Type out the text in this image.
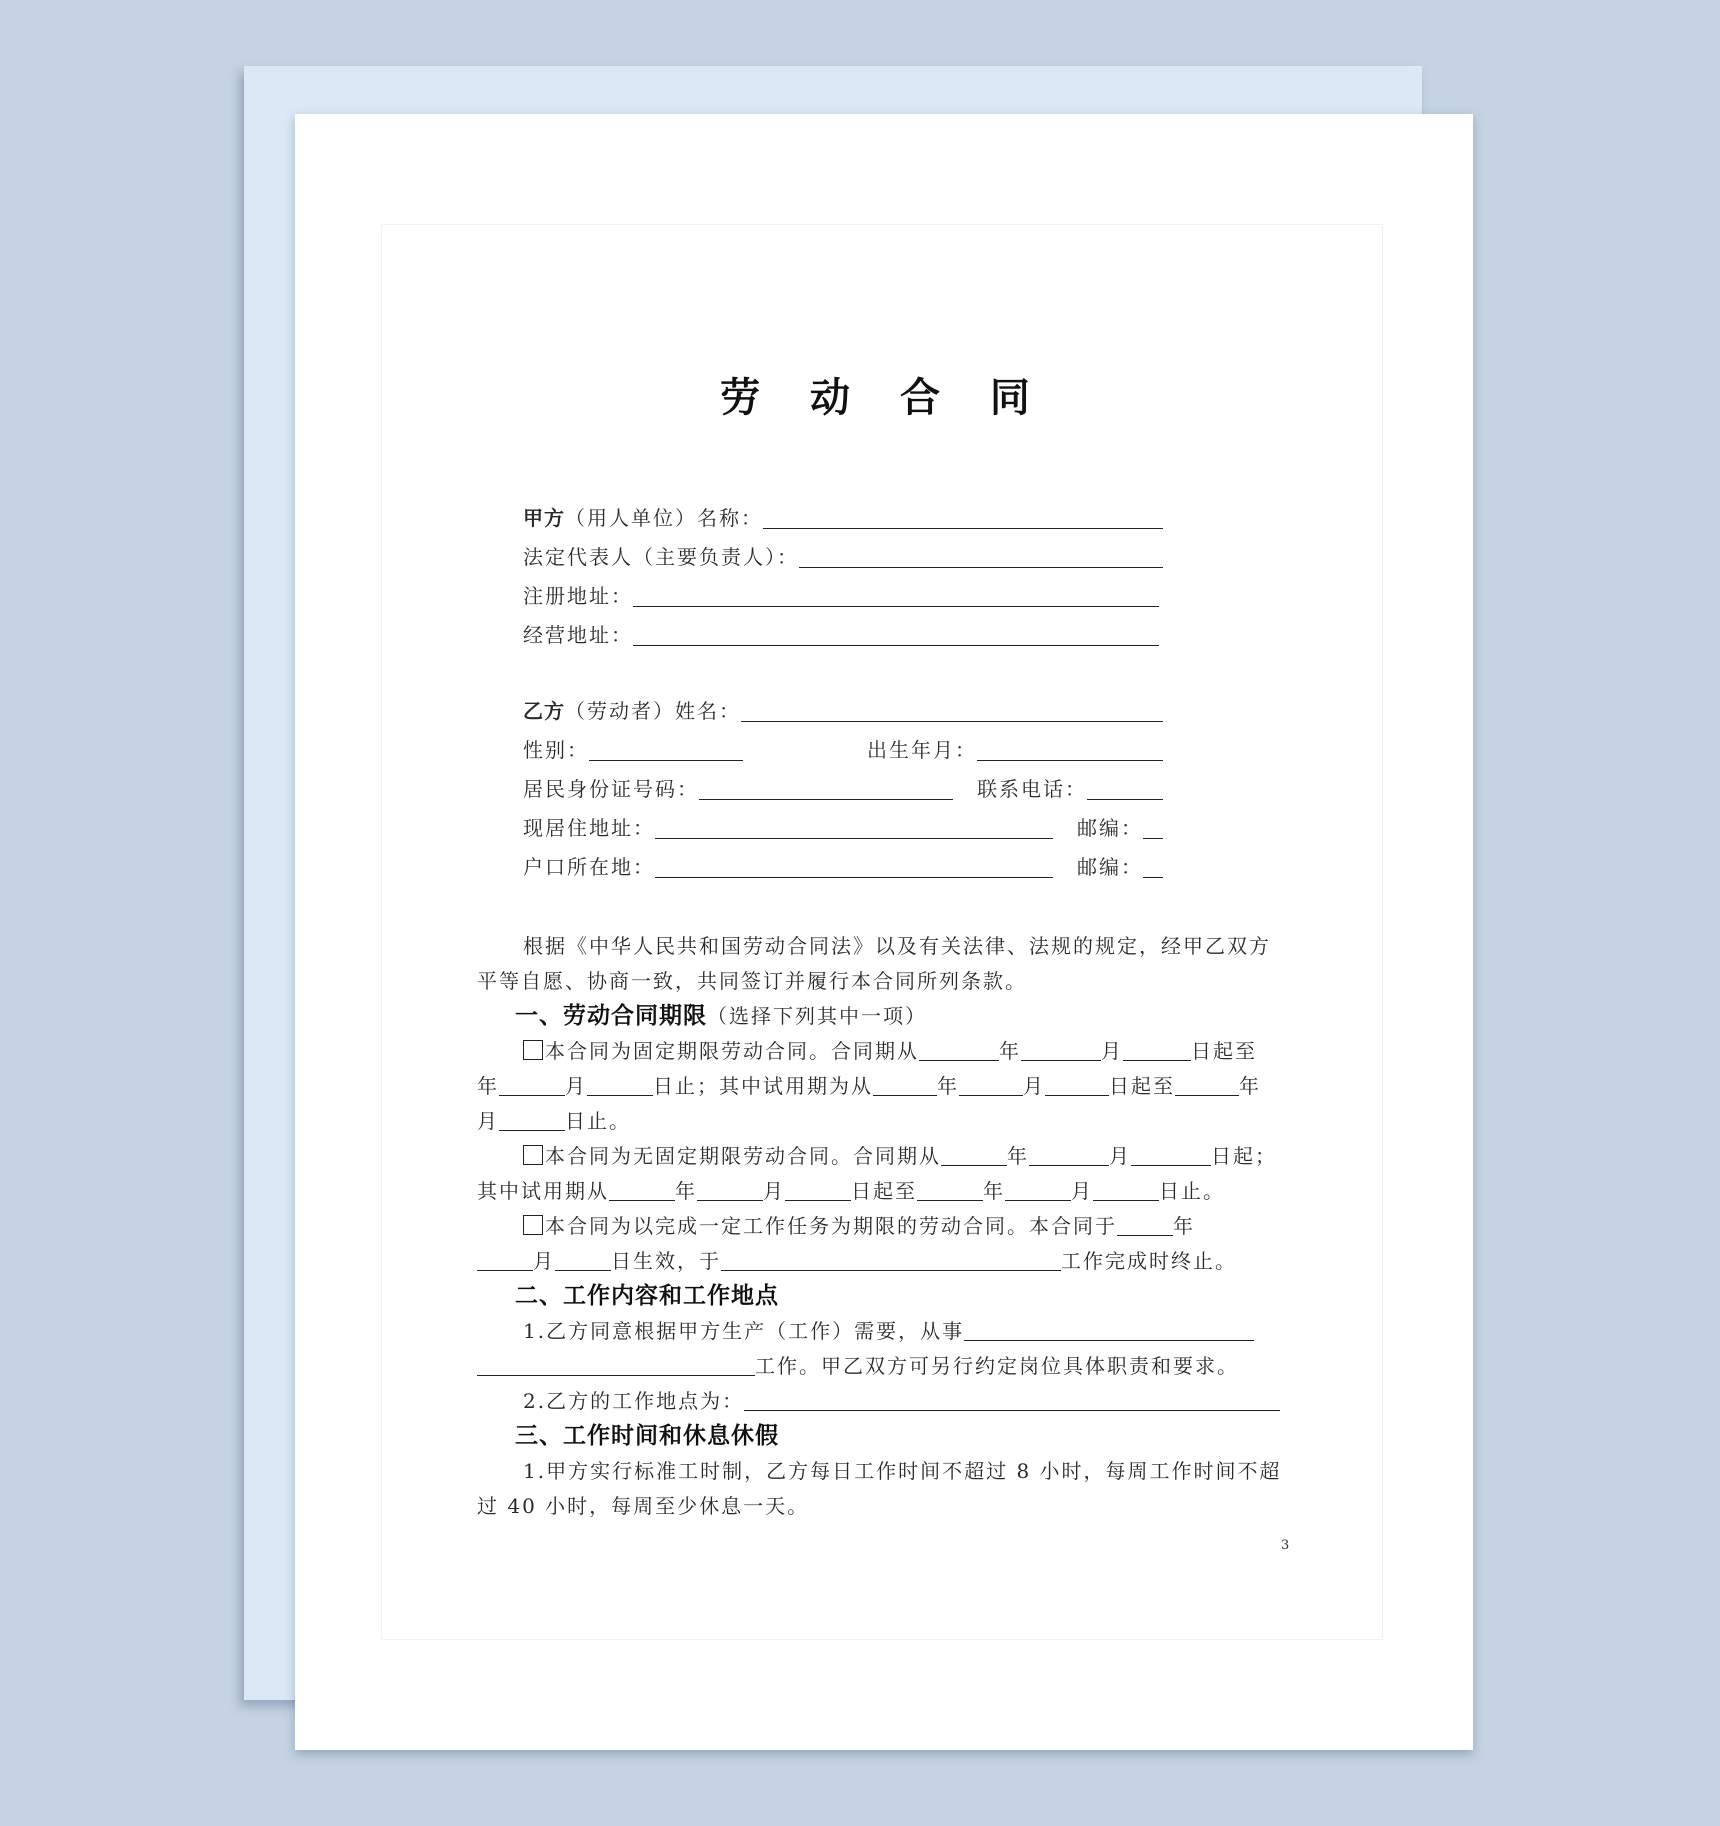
劳 动 合 同
甲方（用人单位）名称：
法定代表人（主要负责人）：
注册地址：
经营地址：
乙方（劳动者）姓名：
性别：	出生年月：
居民身份证号码：	联系电话：
现居住地址：	邮编：
户口所在地：	邮编：
根据《中华人民共和国劳动合同法》以及有关法律、法规的规定，经甲乙双方
平等自愿、协商一致，共同签订并履行本合同所列条款。
一、劳动合同期限（选择下列其中一项）
本合同为固定期限劳动合同。合同期从	年	月	日起至
年	月	日止；其中试用期为从	年	月	日起至	年
月	日止。
本合同为无固定期限劳动合同。合同期从	年	月	日起；
其中试用期从	年	月	日起至	年	月	日止。
本合同为以完成一定工作任务为期限的劳动合同。本合同于	年
月	日生效，于	工作完成时终止。
二、工作内容和工作地点
1.乙方同意根据甲方生产（工作）需要，从事
工作。甲乙双方可另行约定岗位具体职责和要求。
2.乙方的工作地点为：
三、工作时间和休息休假
1.甲方实行标准工时制，乙方每日工作时间不超过 8 小时，每周工作时间不超
过 40 小时，每周至少休息一天。
3
